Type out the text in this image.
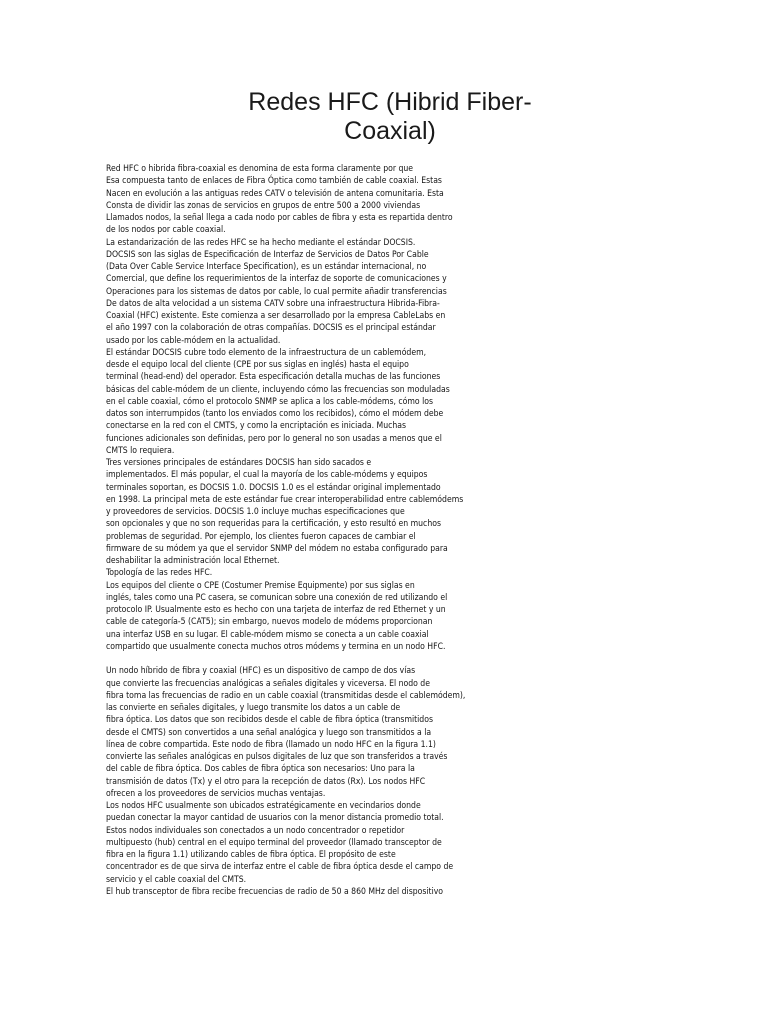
Redes HFC (Hibrid Fiber-
Coaxial)
Red HFC o hibrida fibra-coaxial es denomina de esta forma claramente por que
Esa compuesta tanto de enlaces de Fibra Óptica como también de cable coaxial. Estas
Nacen en evolución a las antiguas redes CATV o televisión de antena comunitaria. Esta
Consta de dividir las zonas de servicios en grupos de entre 500 a 2000 viviendas
Llamados nodos, la señal llega a cada nodo por cables de fibra y esta es repartida dentro
de los nodos por cable coaxial.
La estandarización de las redes HFC se ha hecho mediante el estándar DOCSIS.
DOCSIS son las siglas de Especificación de Interfaz de Servicios de Datos Por Cable
(Data Over Cable Service Interface Specification), es un estándar internacional, no
Comercial, que define los requerimientos de la interfaz de soporte de comunicaciones y
Operaciones para los sistemas de datos por cable, lo cual permite añadir transferencias
De datos de alta velocidad a un sistema CATV sobre una infraestructura Hibrida-Fibra-
Coaxial (HFC) existente. Este comienza a ser desarrollado por la empresa CableLabs en
el año 1997 con la colaboración de otras compañías. DOCSIS es el principal estándar
usado por los cable-módem en la actualidad.
El estándar DOCSIS cubre todo elemento de la infraestructura de un cablemódem,
desde el equipo local del cliente (CPE por sus siglas en inglés) hasta el equipo
terminal (head-end) del operador. Esta especificación detalla muchas de las funciones
básicas del cable-módem de un cliente, incluyendo cómo las frecuencias son moduladas
en el cable coaxial, cómo el protocolo SNMP se aplica a los cable-módems, cómo los
datos son interrumpidos (tanto los enviados como los recibidos), cómo el módem debe
conectarse en la red con el CMTS, y como la encriptación es iniciada. Muchas
funciones adicionales son definidas, pero por lo general no son usadas a menos que el
CMTS lo requiera.
Tres versiones principales de estándares DOCSIS han sido sacados e
implementados. El más popular, el cual la mayoría de los cable-módems y equipos
terminales soportan, es DOCSIS 1.0. DOCSIS 1.0 es el estándar original implementado
en 1998. La principal meta de este estándar fue crear interoperabilidad entre cablemódems
y proveedores de servicios. DOCSIS 1.0 incluye muchas especificaciones que
son opcionales y que no son requeridas para la certificación, y esto resultó en muchos
problemas de seguridad. Por ejemplo, los clientes fueron capaces de cambiar el
firmware de su módem ya que el servidor SNMP del módem no estaba configurado para
deshabilitar la administración local Ethernet.
Topología de las redes HFC.
Los equipos del cliente o CPE (Costumer Premise Equipmente) por sus siglas en
inglés, tales como una PC casera, se comunican sobre una conexión de red utilizando el
protocolo IP. Usualmente esto es hecho con una tarjeta de interfaz de red Ethernet y un
cable de categoría-5 (CAT5); sin embargo, nuevos modelo de módems proporcionan
una interfaz USB en su lugar. El cable-módem mismo se conecta a un cable coaxial
compartido que usualmente conecta muchos otros módems y termina en un nodo HFC.
Un nodo híbrido de fibra y coaxial (HFC) es un dispositivo de campo de dos vías
que convierte las frecuencias analógicas a señales digitales y viceversa. El nodo de
fibra toma las frecuencias de radio en un cable coaxial (transmitidas desde el cablemódem),
las convierte en señales digitales, y luego transmite los datos a un cable de
fibra óptica. Los datos que son recibidos desde el cable de fibra óptica (transmitidos
desde el CMTS) son convertidos a una señal analógica y luego son transmitidos a la
línea de cobre compartida. Este nodo de fibra (llamado un nodo HFC en la figura 1.1)
convierte las señales analógicas en pulsos digitales de luz que son transferidos a través
del cable de fibra óptica. Dos cables de fibra óptica son necesarios: Uno para la
transmisión de datos (Tx) y el otro para la recepción de datos (Rx). Los nodos HFC
ofrecen a los proveedores de servicios muchas ventajas.
Los nodos HFC usualmente son ubicados estratégicamente en vecindarios donde
puedan conectar la mayor cantidad de usuarios con la menor distancia promedio total.
Estos nodos individuales son conectados a un nodo concentrador o repetidor
multipuesto (hub) central en el equipo terminal del proveedor (llamado transceptor de
fibra en la figura 1.1) utilizando cables de fibra óptica. El propósito de este
concentrador es de que sirva de interfaz entre el cable de fibra óptica desde el campo de
servicio y el cable coaxial del CMTS.
El hub transceptor de fibra recibe frecuencias de radio de 50 a 860 MHz del dispositivo
